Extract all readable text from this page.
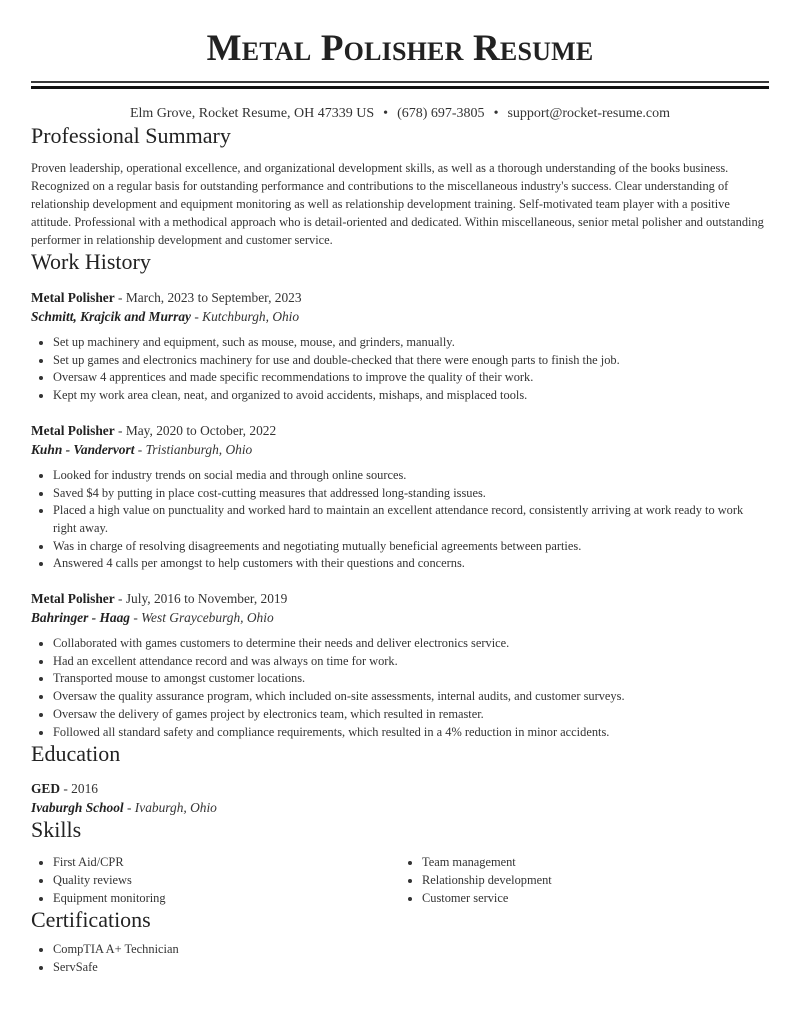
Metal Polisher Resume
Elm Grove, Rocket Resume, OH 47339 US • (678) 697-3805 • support@rocket-resume.com
Professional Summary
Proven leadership, operational excellence, and organizational development skills, as well as a thorough understanding of the books business. Recognized on a regular basis for outstanding performance and contributions to the miscellaneous industry's success. Clear understanding of relationship development and equipment monitoring as well as relationship development training. Self-motivated team player with a positive attitude. Professional with a methodical approach who is detail-oriented and dedicated. Within miscellaneous, senior metal polisher and outstanding performer in relationship development and customer service.
Work History
Metal Polisher - March, 2023 to September, 2023
Schmitt, Krajcik and Murray - Kutchburgh, Ohio
• Set up machinery and equipment, such as mouse, mouse, and grinders, manually.
• Set up games and electronics machinery for use and double-checked that there were enough parts to finish the job.
• Oversaw 4 apprentices and made specific recommendations to improve the quality of their work.
• Kept my work area clean, neat, and organized to avoid accidents, mishaps, and misplaced tools.
Metal Polisher - May, 2020 to October, 2022
Kuhn - Vandervort - Tristianburgh, Ohio
• Looked for industry trends on social media and through online sources.
• Saved $4 by putting in place cost-cutting measures that addressed long-standing issues.
• Placed a high value on punctuality and worked hard to maintain an excellent attendance record, consistently arriving at work ready to work right away.
• Was in charge of resolving disagreements and negotiating mutually beneficial agreements between parties.
• Answered 4 calls per amongst to help customers with their questions and concerns.
Metal Polisher - July, 2016 to November, 2019
Bahringer - Haag - West Grayceburgh, Ohio
• Collaborated with games customers to determine their needs and deliver electronics service.
• Had an excellent attendance record and was always on time for work.
• Transported mouse to amongst customer locations.
• Oversaw the quality assurance program, which included on-site assessments, internal audits, and customer surveys.
• Oversaw the delivery of games project by electronics team, which resulted in remaster.
• Followed all standard safety and compliance requirements, which resulted in a 4% reduction in minor accidents.
Education
GED - 2016
Ivaburgh School - Ivaburgh, Ohio
Skills
• First Aid/CPR
• Quality reviews
• Equipment monitoring
• Team management
• Relationship development
• Customer service
Certifications
• CompTIA A+ Technician
• ServSafe
